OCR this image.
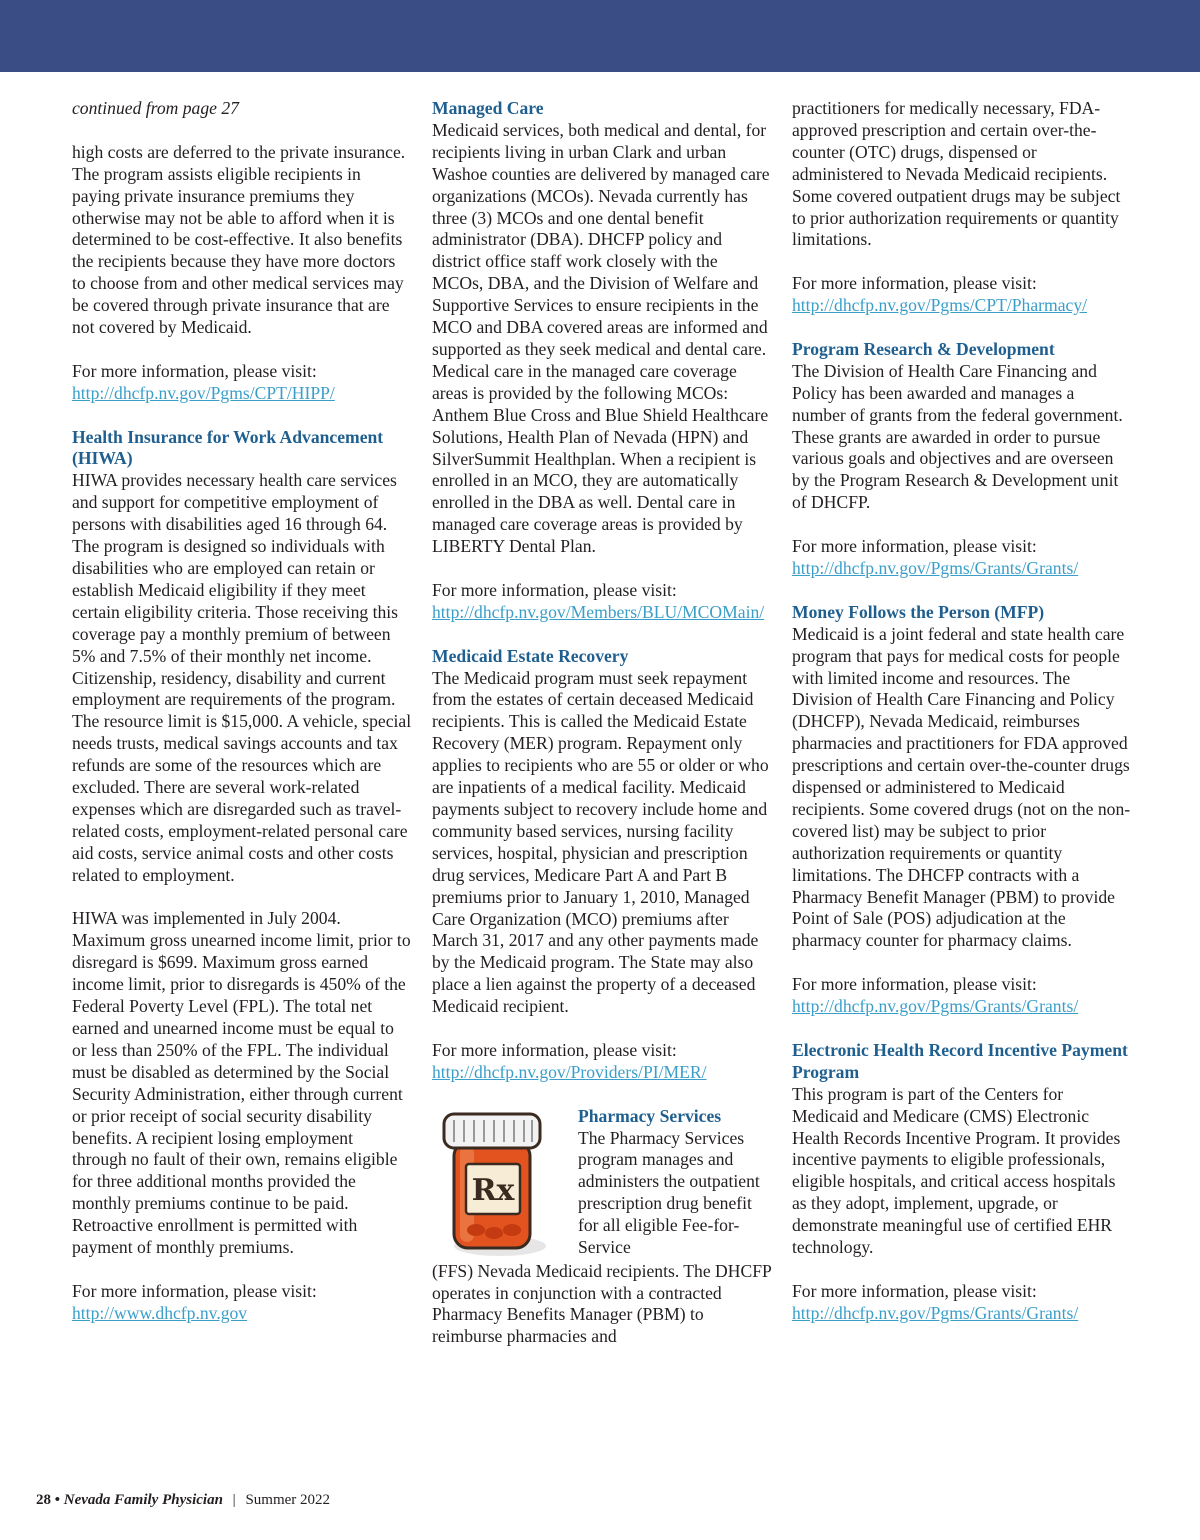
continued from page 27

high costs are deferred to the private insurance. The program assists eligible recipients in paying private insurance premiums they otherwise may not be able to afford when it is determined to be cost-effective. It also benefits the recipients because they have more doctors to choose from and other medical services may be covered through private insurance that are not covered by Medicaid.

For more information, please visit:

http://dhcfp.nv.gov/Pgms/CPT/HIPP/

Health Insurance for Work Advancement (HIWA)

HIWA provides necessary health care services and support for competitive employment of persons with disabilities aged 16 through 64. The program is designed so individuals with disabilities who are employed can retain or establish Medicaid eligibility if they meet certain eligibility criteria. Those receiving this coverage pay a monthly premium of between 5% and 7.5% of their monthly net income. Citizenship, residency, disability and current employment are requirements of the program. The resource limit is $15,000. A vehicle, special needs trusts, medical savings accounts and tax refunds are some of the resources which are excluded. There are several work-related expenses which are disregarded such as travel-related costs, employment-related personal care aid costs, service animal costs and other costs related to employment.

HIWA was implemented in July 2004. Maximum gross unearned income limit, prior to disregard is $699. Maximum gross earned income limit, prior to disregards is 450% of the Federal Poverty Level (FPL). The total net earned and unearned income must be equal to or less than 250% of the FPL. The individual must be disabled as determined by the Social Security Administration, either through current or prior receipt of social security disability benefits. A recipient losing employment through no fault of their own, remains eligible for three additional months provided the monthly premiums continue to be paid. Retroactive enrollment is permitted with payment of monthly premiums.

For more information, please visit:

http://www.dhcfp.nv.gov

Managed Care

Medicaid services, both medical and dental, for recipients living in urban Clark and urban Washoe counties are delivered by managed care organizations (MCOs). Nevada currently has three (3) MCOs and one dental benefit administrator (DBA). DHCFP policy and district office staff work closely with the MCOs, DBA, and the Division of Welfare and Supportive Services to ensure recipients in the MCO and DBA covered areas are informed and supported as they seek medical and dental care. Medical care in the managed care coverage areas is provided by the following MCOs: Anthem Blue Cross and Blue Shield Healthcare Solutions, Health Plan of Nevada (HPN) and SilverSummit Healthplan. When a recipient is enrolled in an MCO, they are automatically enrolled in the DBA as well. Dental care in managed care coverage areas is provided by LIBERTY Dental Plan.

For more information, please visit:

http://dhcfp.nv.gov/Members/BLU/MCOMain/

Medicaid Estate Recovery

The Medicaid program must seek repayment from the estates of certain deceased Medicaid recipients. This is called the Medicaid Estate Recovery (MER) program. Repayment only applies to recipients who are 55 or older or who are inpatients of a medical facility. Medicaid payments subject to recovery include home and community based services, nursing facility services, hospital, physician and prescription drug services, Medicare Part A and Part B premiums prior to January 1, 2010, Managed Care Organization (MCO) premiums after March 31, 2017 and any other payments made by the Medicaid program. The State may also place a lien against the property of a deceased Medicaid recipient.

For more information, please visit:

http://dhcfp.nv.gov/Providers/PI/MER/

Rx
Pharmacy Services

The Pharmacy Services program manages and administers the outpatient prescription drug benefit for all eligible Fee-for-Service

(FFS) Nevada Medicaid recipients. The DHCFP operates in conjunction with a contracted Pharmacy Benefits Manager (PBM) to reimburse pharmacies and

practitioners for medically necessary, FDA-approved prescription and certain over-the-counter (OTC) drugs, dispensed or administered to Nevada Medicaid recipients. Some covered outpatient drugs may be subject to prior authorization requirements or quantity limitations.

For more information, please visit:

http://dhcfp.nv.gov/Pgms/CPT/Pharmacy/

Program Research & Development

The Division of Health Care Financing and Policy has been awarded and manages a number of grants from the federal government. These grants are awarded in order to pursue various goals and objectives and are overseen by the Program Research & Development unit of DHCFP.

For more information, please visit:

http://dhcfp.nv.gov/Pgms/Grants/Grants/

Money Follows the Person (MFP)

Medicaid is a joint federal and state health care program that pays for medical costs for people with limited income and resources. The Division of Health Care Financing and Policy (DHCFP), Nevada Medicaid, reimburses pharmacies and practitioners for FDA approved prescriptions and certain over-the-counter drugs dispensed or administered to Medicaid recipients. Some covered drugs (not on the non-covered list) may be subject to prior authorization requirements or quantity limitations. The DHCFP contracts with a Pharmacy Benefit Manager (PBM) to provide Point of Sale (POS) adjudication at the pharmacy counter for pharmacy claims.

For more information, please visit:

http://dhcfp.nv.gov/Pgms/Grants/Grants/

Electronic Health Record Incentive Payment Program

This program is part of the Centers for Medicaid and Medicare (CMS) Electronic Health Records Incentive Program. It provides incentive payments to eligible professionals, eligible hospitals, and critical access hospitals as they adopt, implement, upgrade, or demonstrate meaningful use of certified EHR technology.

For more information, please visit:

http://dhcfp.nv.gov/Pgms/Grants/Grants/

28 • Nevada Family Physician | Summer 2022
